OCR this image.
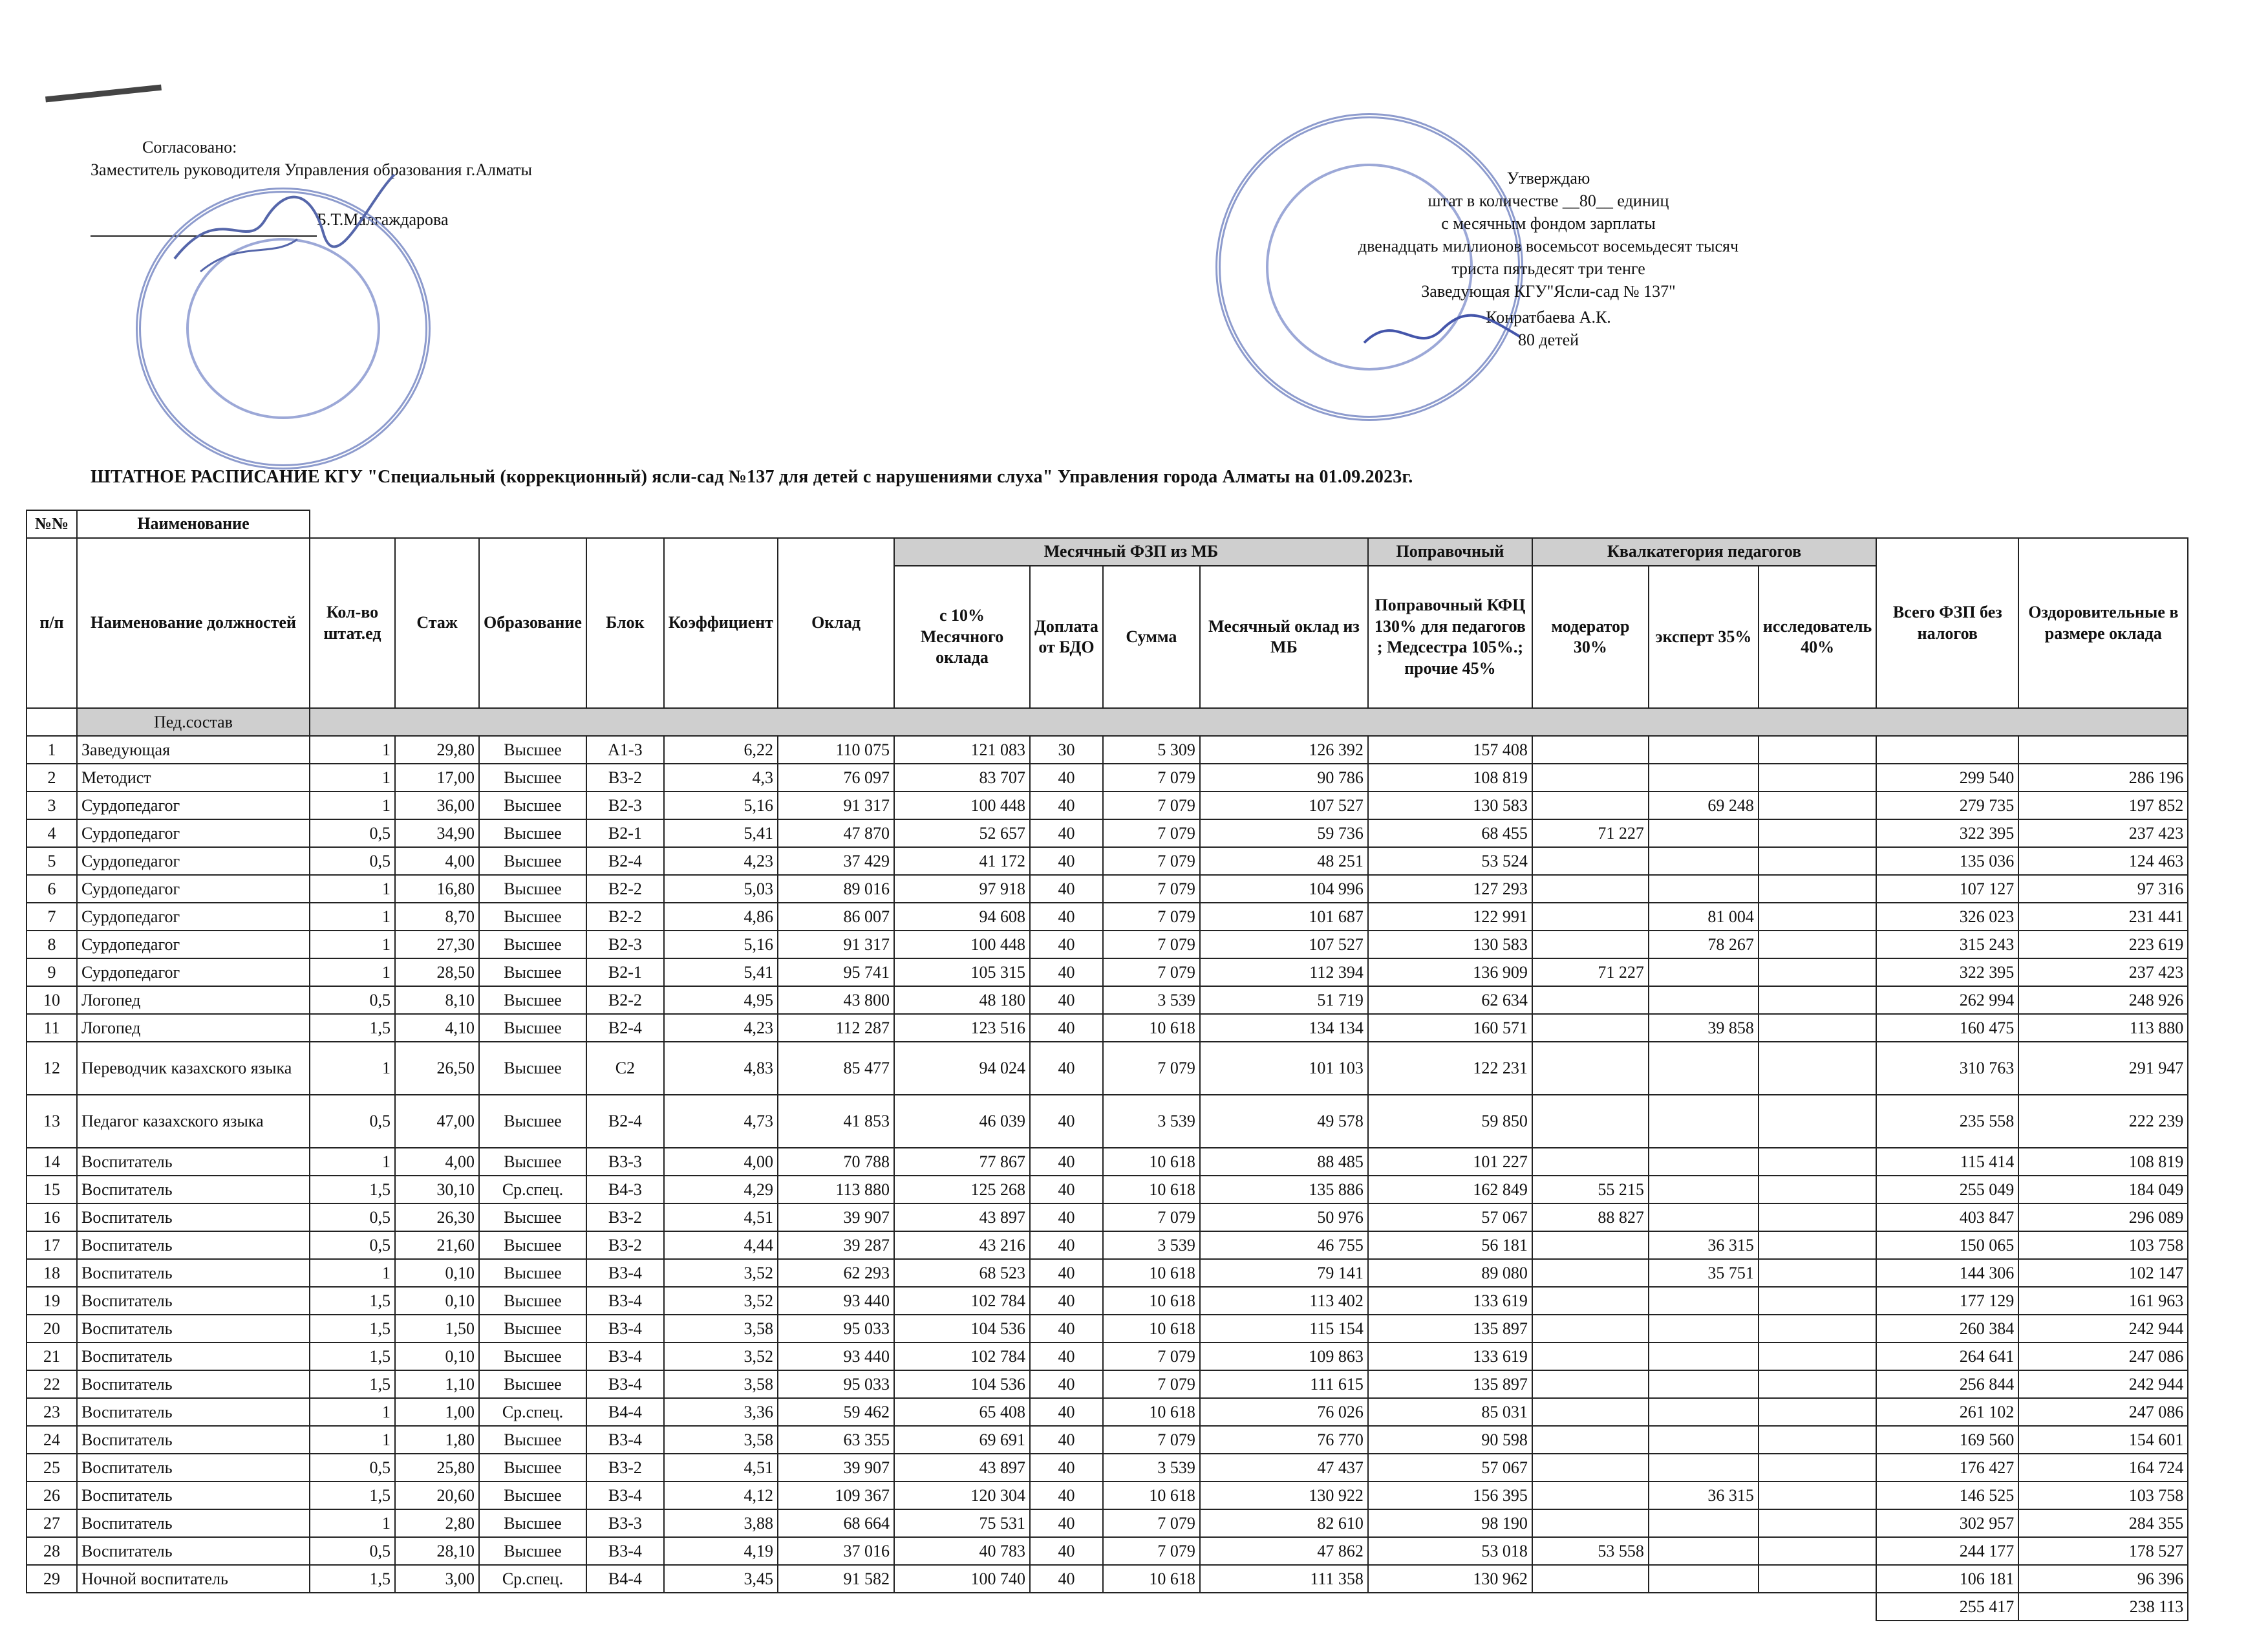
Согласовано:
Заместитель руководителя Управления образования г.Алматы
Б.Т.Малгаждарова
Утверждаю
штат в количестве __80__ единиц
с месячным фондом зарплаты
двенадцать миллионов восемьсот восемьдесят тысяч
триста пятьдесят три тенге
Заведующая КГУ"Ясли-сад № 137"
Конратбаева А.К.
80 детей
ШТАТНОЕ РАСПИСАНИЕ КГУ "Специальный (коррекционный) ясли-сад №137 для детей с нарушениями слуха" Управления города Алматы на 01.09.2023г.
№№	Наименование																
п/п	Наименование должностей	Кол-во штат.ед	Стаж	Образование	Блок	Коэффициент	Оклад	Месячный ФЗП из МБ				Поправочный	Квалкатегория педагогов			Всего ФЗП без налогов	Оздоровительные в размере оклада
								с 10% Месячного оклада	Доплата от БДО	Сумма	Месячный оклад из МБ	Поправочный КФЦ 130% для педагогов ; Медсестра 105%.; прочие 45%	модератор 30%	эксперт 35%	иcследователь 40%		
	Пед.состав																
1	Заведующая	1	29,80	Высшее	А1-3	6,22	110 075	121 083	30	5 309	126 392	157 408					
2	Методист	1	17,00	Высшее	В3-2	4,3	76 097	83 707	40	7 079	90 786	108 819				299 540	286 196
3	Сурдопедагог	1	36,00	Высшее	В2-3	5,16	91 317	100 448	40	7 079	107 527	130 583		69 248		279 735	197 852
4	Сурдопедагог	0,5	34,90	Высшее	В2-1	5,41	47 870	52 657	40	7 079	59 736	68 455	71 227			322 395	237 423
5	Сурдопедагог	0,5	4,00	Высшее	В2-4	4,23	37 429	41 172	40	7 079	48 251	53 524				135 036	124 463
6	Сурдопедагог	1	16,80	Высшее	В2-2	5,03	89 016	97 918	40	7 079	104 996	127 293				107 127	97 316
7	Сурдопедагог	1	8,70	Высшее	В2-2	4,86	86 007	94 608	40	7 079	101 687	122 991		81 004		326 023	231 441
8	Сурдопедагог	1	27,30	Высшее	В2-3	5,16	91 317	100 448	40	7 079	107 527	130 583		78 267		315 243	223 619
9	Сурдопедагог	1	28,50	Высшее	В2-1	5,41	95 741	105 315	40	7 079	112 394	136 909	71 227			322 395	237 423
10	Логопед	0,5	8,10	Высшее	В2-2	4,95	43 800	48 180	40	3 539	51 719	62 634				262 994	248 926
11	Логопед	1,5	4,10	Высшее	В2-4	4,23	112 287	123 516	40	10 618	134 134	160 571		39 858		160 475	113 880
12	Переводчик казахского языка	1	26,50	Высшее	С2	4,83	85 477	94 024	40	7 079	101 103	122 231				310 763	291 947
13	Педагог казахского языка	0,5	47,00	Высшее	В2-4	4,73	41 853	46 039	40	3 539	49 578	59 850				235 558	222 239
14	Воспитатель	1	4,00	Высшее	В3-3	4,00	70 788	77 867	40	10 618	88 485	101 227				115 414	108 819
15	Воспитатель	1,5	30,10	Ср.спец.	В4-3	4,29	113 880	125 268	40	10 618	135 886	162 849	55 215			255 049	184 049
16	Воспитатель	0,5	26,30	Высшее	В3-2	4,51	39 907	43 897	40	7 079	50 976	57 067	88 827			403 847	296 089
17	Воспитатель	0,5	21,60	Высшее	В3-2	4,44	39 287	43 216	40	3 539	46 755	56 181		36 315		150 065	103 758
18	Воспитатель	1	0,10	Высшее	В3-4	3,52	62 293	68 523	40	10 618	79 141	89 080		35 751		144 306	102 147
19	Воспитатель	1,5	0,10	Высшее	В3-4	3,52	93 440	102 784	40	10 618	113 402	133 619				177 129	161 963
20	Воспитатель	1,5	1,50	Высшее	В3-4	3,58	95 033	104 536	40	10 618	115 154	135 897				260 384	242 944
21	Воспитатель	1,5	0,10	Высшее	В3-4	3,52	93 440	102 784	40	7 079	109 863	133 619				264 641	247 086
22	Воспитатель	1,5	1,10	Высшее	В3-4	3,58	95 033	104 536	40	7 079	111 615	135 897				256 844	242 944
23	Воспитатель	1	1,00	Ср.спец.	В4-4	3,36	59 462	65 408	40	10 618	76 026	85 031				261 102	247 086
24	Воспитатель	1	1,80	Высшее	В3-4	3,58	63 355	69 691	40	7 079	76 770	90 598				169 560	154 601
25	Воспитатель	0,5	25,80	Высшее	В3-2	4,51	39 907	43 897	40	3 539	47 437	57 067				176 427	164 724
26	Воспитатель	1,5	20,60	Высшее	В3-4	4,12	109 367	120 304	40	10 618	130 922	156 395		36 315		146 525	103 758
27	Воспитатель	1	2,80	Высшее	В3-3	3,88	68 664	75 531	40	7 079	82 610	98 190				302 957	284 355
28	Воспитатель	0,5	28,10	Высшее	В3-4	4,19	37 016	40 783	40	7 079	47 862	53 018	53 558			244 177	178 527
29	Ночной воспитатель	1,5	3,00	Ср.спец.	В4-4	3,45	91 582	100 740	40	10 618	111 358	130 962				106 181	96 396
																255 417	238 113
